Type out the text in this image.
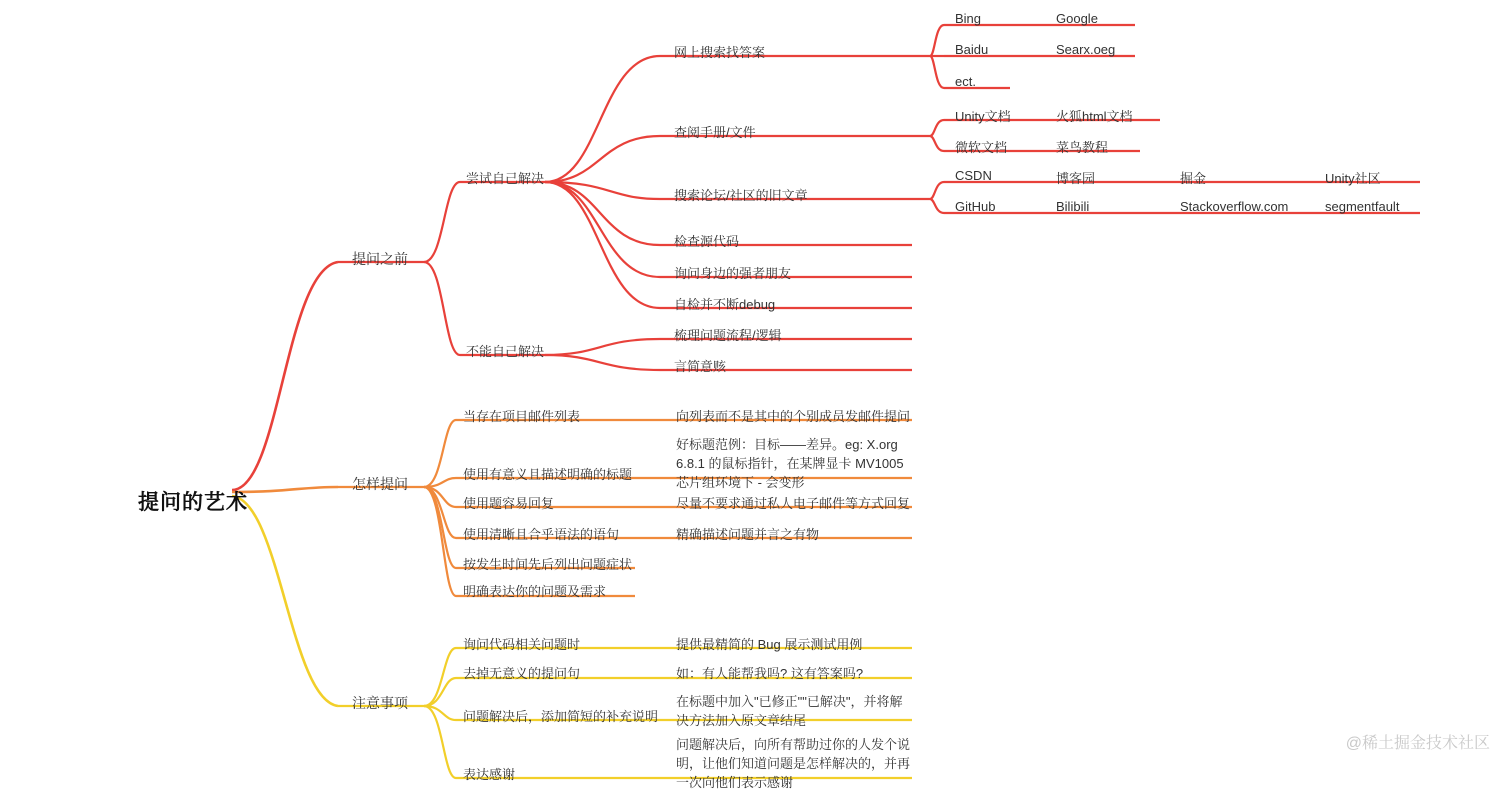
提问的艺术
提问之前
尝试自己解决
网上搜索找答案
Bing	Google
Baidu	Searx.oeg
ect.
查阅手册/文件
Unity文档	火狐html文档
微软文档	菜鸟教程
搜索论坛/社区的旧文章
CSDN	博客园	掘金	Unity社区
GitHub	Bilibili	Stackoverflow.com	segmentfault
检查源代码
询问身边的强者朋友
自检并不断debug
不能自己解决
梳理问题流程/逻辑
言简意赅
怎样提问
当存在项目邮件列表	向列表而不是其中的个别成员发邮件提问
使用有意义且描述明确的标题
好标题范例：目标——差异。eg: X.org 6.8.1 的鼠标指针，在某牌显卡 MV1005 芯片组环境下 - 会变形
使用题容易回复	尽量不要求通过私人电子邮件等方式回复
使用清晰且合乎语法的语句	精确描述问题并言之有物
按发生时间先后列出问题症状
明确表达你的问题及需求
注意事项
询问代码相关问题时	提供最精简的 Bug 展示测试用例
去掉无意义的提问句	如：有人能帮我吗? 这有答案吗?
问题解决后，添加简短的补充说明
在标题中加入"已修正""已解决"，并将解决方法加入原文章结尾
表达感谢
问题解决后，向所有帮助过你的人发个说明，让他们知道问题是怎样解决的，并再一次向他们表示感谢
@稀土掘金技术社区
